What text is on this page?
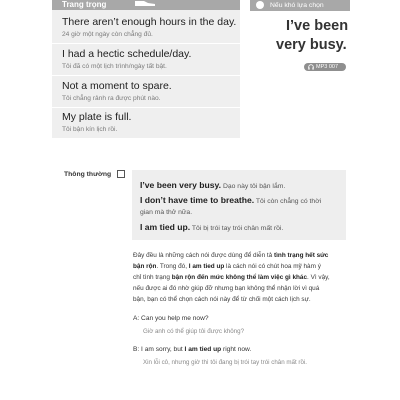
Trang trọng
There aren’t enough hours in the day.
24 giờ một ngày còn chẳng đủ.
I had a hectic schedule/day.
Tôi đã có một lịch trình/ngày tất bật.
Not a moment to spare.
Tôi chẳng rảnh ra được phút nào.
My plate is full.
Tôi bận kín lịch rồi.
Nếu khó lựa chọn
I’ve been
very busy.
MP3 007
Thông thường
I’ve been very busy. Dạo này tôi bận lắm.
I don’t have time to breathe. Tôi còn chẳng có thời
gian mà thở nữa.
I am tied up. Tôi bị trói tay trói chân mất rồi.
Đây đều là những cách nói được dùng để diễn tả tình trạng hết sức
bận rộn. Trong đó, I am tied up là cách nói có chút hoa mỹ hàm ý
chỉ tình trạng bận rộn đến mức không thể làm việc gì khác. Vì vậy,
nếu được ai đó nhờ giúp đỡ nhưng bạn không thể nhận lời vì quá
bận, bạn có thể chọn cách nói này để từ chối một cách lịch sự.
A: Can you help me now?
Giờ anh có thể giúp tôi được không?
B: I am sorry, but I am tied up right now.
Xin lỗi cô, nhưng giờ thì tôi đang bị trói tay trói chân mất rồi.
